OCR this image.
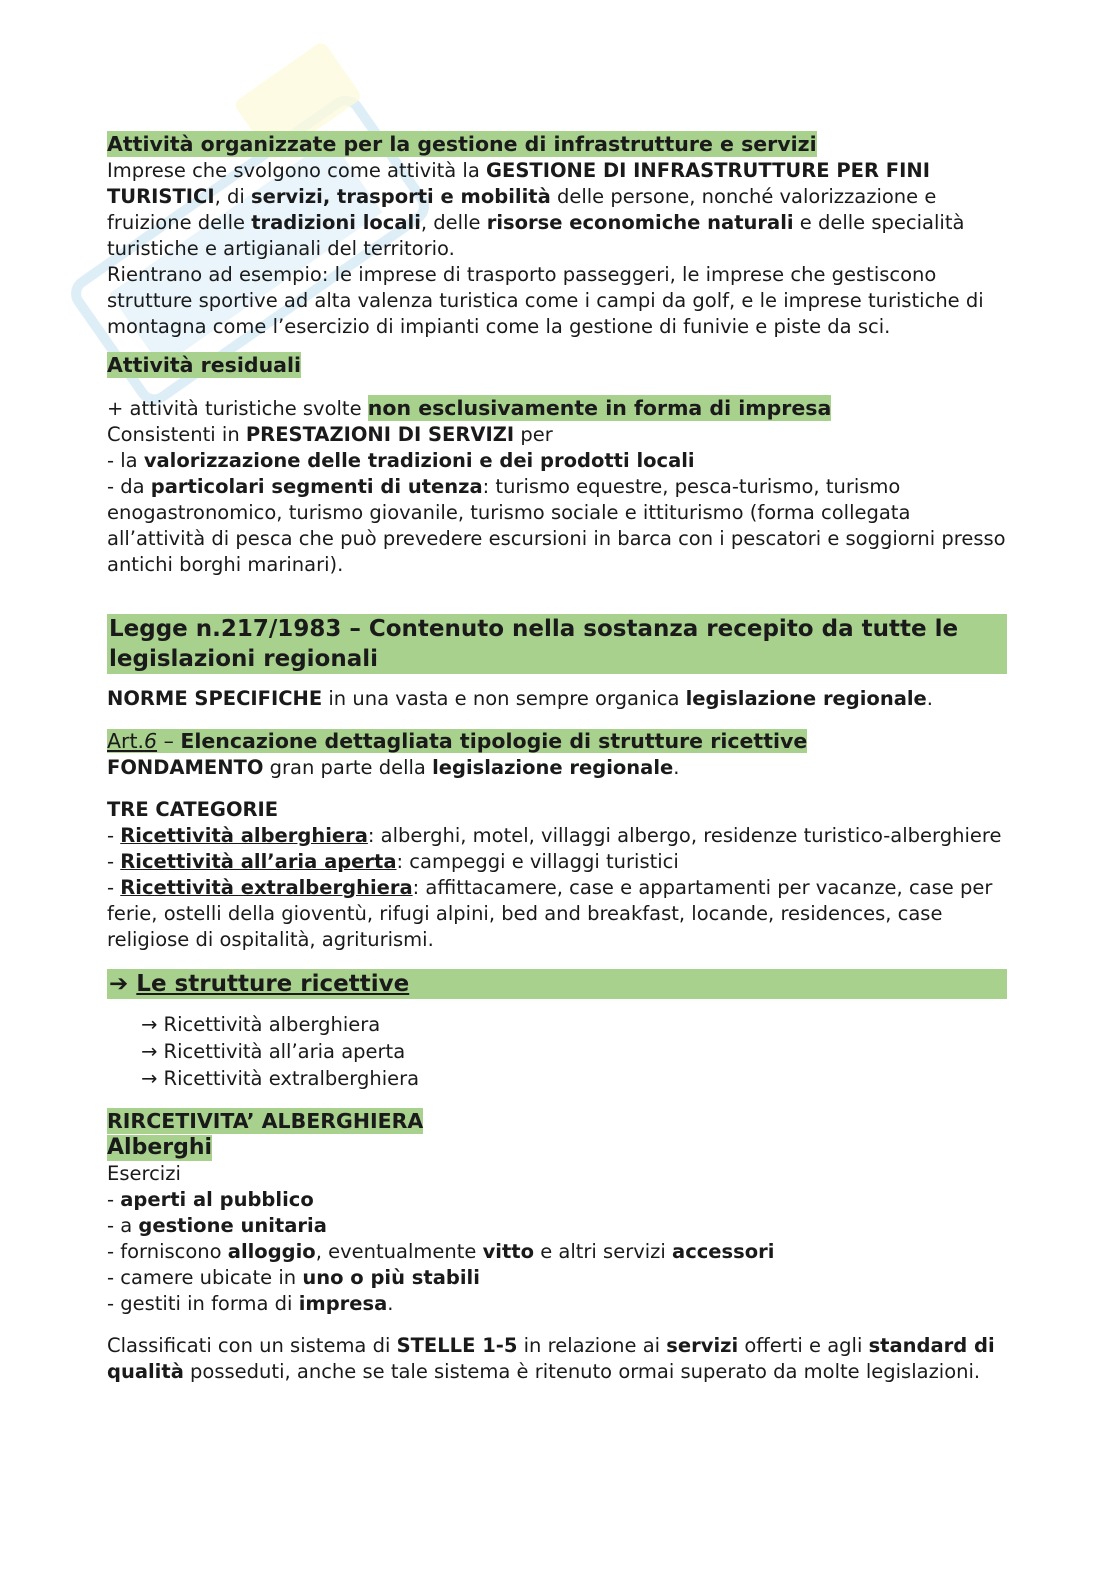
Attività organizzate per la gestione di infrastrutture e servizi

Imprese che svolgono come attività la GESTIONE DI INFRASTRUTTURE PER FINI TURISTICI, di servizi, trasporti e mobilità delle persone, nonché valorizzazione e fruizione delle tradizioni locali, delle risorse economiche naturali e delle specialità turistiche e artigianali del territorio.

Rientrano ad esempio: le imprese di trasporto passeggeri, le imprese che gestiscono strutture sportive ad alta valenza turistica come i campi da golf, e le imprese turistiche di montagna come l’esercizio di impianti come la gestione di funivie e piste da sci.

Attività residuali

+ attività turistiche svolte non esclusivamente in forma di impresa

Consistenti in PRESTAZIONI DI SERVIZI per

- la valorizzazione delle tradizioni e dei prodotti locali

- da particolari segmenti di utenza: turismo equestre, pesca-turismo, turismo enogastronomico, turismo giovanile, turismo sociale e ittiturismo (forma collegata all’attività di pesca che può prevedere escursioni in barca con i pescatori e soggiorni presso antichi borghi marinari).

Legge n.217/1983 – Contenuto nella sostanza recepito da tutte le legislazioni regionali

NORME SPECIFICHE in una vasta e non sempre organica legislazione regionale.

Art.6 – Elencazione dettagliata tipologie di strutture ricettive

FONDAMENTO gran parte della legislazione regionale.

TRE CATEGORIE

- Ricettività alberghiera: alberghi, motel, villaggi albergo, residenze turistico-alberghiere

- Ricettività all’aria aperta: campeggi e villaggi turistici

- Ricettività extralberghiera: affittacamere, case e appartamenti per vacanze, case per ferie, ostelli della gioventù, rifugi alpini, bed and breakfast, locande, residences, case religiose di ospitalità, agriturismi.

➔ Le strutture ricettive
→ Ricettività alberghiera
→ Ricettività all’aria aperta
→ Ricettività extralberghiera
RIRCETIVITA’ ALBERGHIERA
Alberghi

Esercizi

- aperti al pubblico

- a gestione unitaria

- forniscono alloggio, eventualmente vitto e altri servizi accessori

- camere ubicate in uno o più stabili

- gestiti in forma di impresa.

Classificati con un sistema di STELLE 1-5 in relazione ai servizi offerti e agli standard di qualità posseduti, anche se tale sistema è ritenuto ormai superato da molte legislazioni.
